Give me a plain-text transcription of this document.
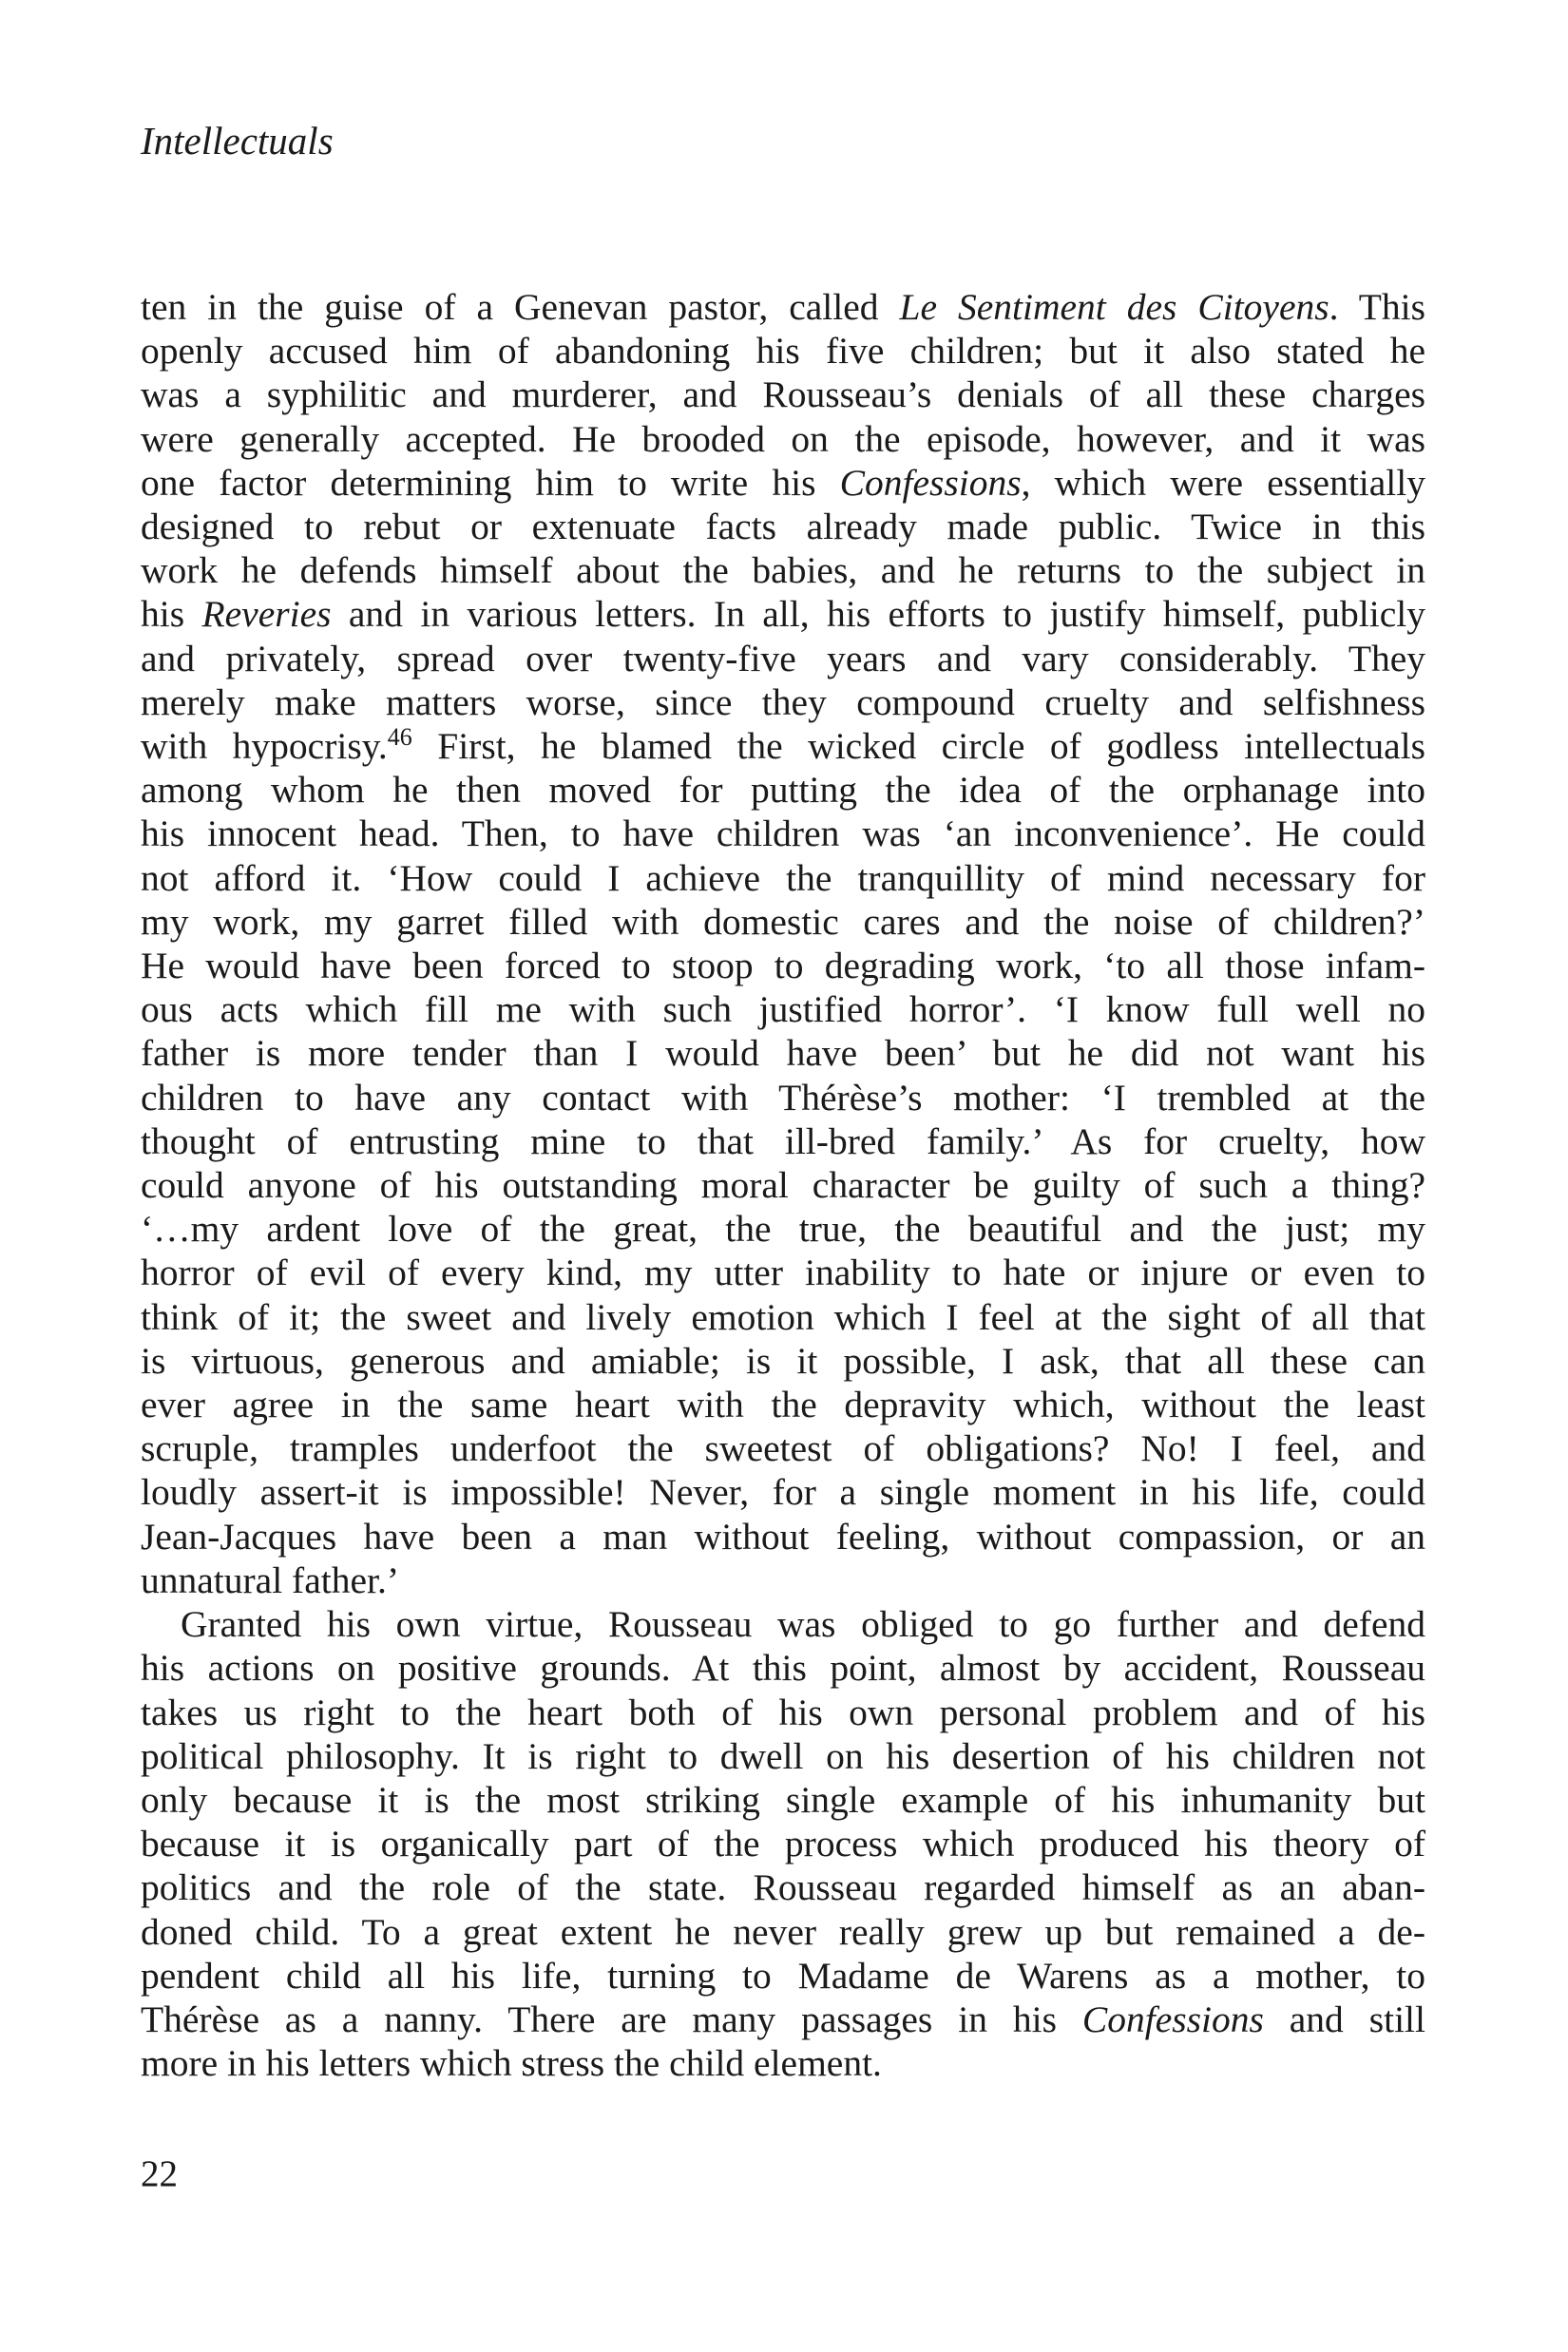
Intellectuals

ten in the guise of a Genevan pastor, called Le Sentiment des Citoyens. This
openly accused him of abandoning his five children; but it also stated he
was a syphilitic and murderer, and Rousseau’s denials of all these charges
were generally accepted. He brooded on the episode, however, and it was
one factor determining him to write his Confessions, which were essentially
designed to rebut or extenuate facts already made public. Twice in this
work he defends himself about the babies, and he returns to the subject in
his Reveries and in various letters. In all, his efforts to justify himself, publicly
and privately, spread over twenty-five years and vary considerably. They
merely make matters worse, since they compound cruelty and selfishness
with hypocrisy.$^{46}$ First, he blamed the wicked circle of godless intellectuals
among whom he then moved for putting the idea of the orphanage into
his innocent head. Then, to have children was ‘an inconvenience’. He could
not afford it. ‘How could I achieve the tranquillity of mind necessary for
my work, my garret filled with domestic cares and the noise of children?’
He would have been forced to stoop to degrading work, ‘to all those infam-
ous acts which fill me with such justified horror’. ‘I know full well no
father is more tender than I would have been’ but he did not want his
children to have any contact with Thérèse’s mother: ‘I trembled at the
thought of entrusting mine to that ill-bred family.’ As for cruelty, how
could anyone of his outstanding moral character be guilty of such a thing?
‘…my ardent love of the great, the true, the beautiful and the just; my
horror of evil of every kind, my utter inability to hate or injure or even to
think of it; the sweet and lively emotion which I feel at the sight of all that
is virtuous, generous and amiable; is it possible, I ask, that all these can
ever agree in the same heart with the depravity which, without the least
scruple, tramples underfoot the sweetest of obligations? No! I feel, and
loudly assert-it is impossible! Never, for a single moment in his life, could
Jean-Jacques have been a man without feeling, without compassion, or an
unnatural father.’

Granted his own virtue, Rousseau was obliged to go further and defend
his actions on positive grounds. At this point, almost by accident, Rousseau
takes us right to the heart both of his own personal problem and of his
political philosophy. It is right to dwell on his desertion of his children not
only because it is the most striking single example of his inhumanity but
because it is organically part of the process which produced his theory of
politics and the role of the state. Rousseau regarded himself as an aban-
doned child. To a great extent he never really grew up but remained a de-
pendent child all his life, turning to Madame de Warens as a mother, to
Thérèse as a nanny. There are many passages in his Confessions and still
more in his letters which stress the child element.

22
